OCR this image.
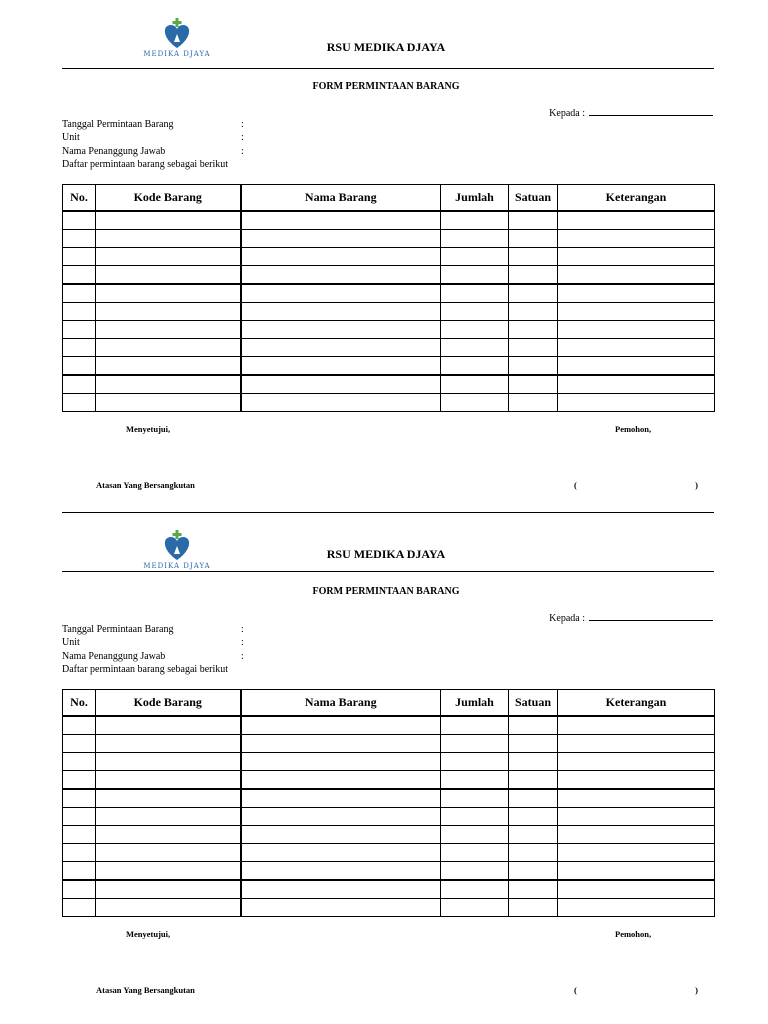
MEDIKA DJAYA	RSU MEDIKA DJAYA
FORM PERMINTAAN BARANG
Kepada :
Tanggal Permintaan Barang	:
Unit	:
Nama Penanggung Jawab	:
Daftar permintaan barang sebagai berikut
No.	Kode Barang	Nama Barang	Jumlah	Satuan	Keterangan

Menyetujui,	Pemohon,
Atasan Yang Bersangkutan	(	)
MEDIKA DJAYA
RSU MEDIKA DJAYA
FORM PERMINTAAN BARANG
Kepada :
Tanggal Permintaan Barang	:
Unit	:
Nama Penanggung Jawab	:
Daftar permintaan barang sebagai berikut
No.	Kode Barang	Nama Barang	Jumlah	Satuan	Keterangan

Menyetujui,	Pemohon,
Atasan Yang Bersangkutan	(	)
